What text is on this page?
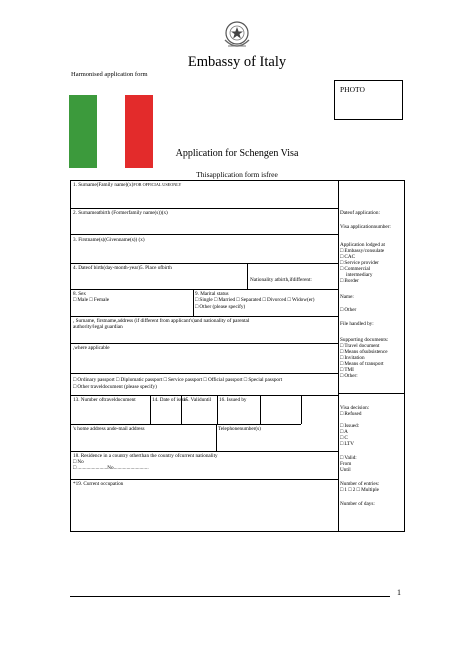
Embassy of Italy
Harmonised application form
PHOTO
Application for Schengen Visa
Thisapplication form isfree
1. Surname(Family name)(x)FOR OFFICIAL USEONLY
2. Surnameatbirth (Formerfamily name(s))(x)
3. Firstname(s)(Givenname(s)) (x)
4. Dateof birth(day-month-year)5. Place ofbirth
Nationality atbirth,ifdifferent:
8. Sex
□ Male □ Female
9. Marital status
□ Single □ Married □ Separated □ Divorced □ Widow(er)
□ Other (please specify)
, Surname, firstname,address (if different from applicant's)and nationality of parental authority/legal guardian
,where applicable
□ Ordinary passport □ Diplomatic passport □ Service passport □ Official passport □ Special passport
□ Other traveldocument (please specify)
13. Number oftraveldocument	14. Date of issue
15. Validuntil 16. Issued by
's home address ande-mail address	Telephonenumber(s)
18. Residence in a country otherthan the country ofcurrent nationality
□ No
□ .......................No...........................
*19. Current occupation
Dateof application:
Visa applicationnumber:
Application lodged at
□ Embassy/consulate
□ CAC
□ Service provider
□ Commercial
intermediary
□ Border
Name:
□ Other
File handled by:
Supporting documents:
□ Travel document
□ Means ofsubsistence
□ Invitation
□ Means of transport
□ TMI
□ Other:
Visa decision:
□ Refused
□ Issued:
□ A
□ C
□ LTV
□ Valid:
From
Until
Number of entries:
□ 1 □ 2 □ Multiple
Number of days:
1
